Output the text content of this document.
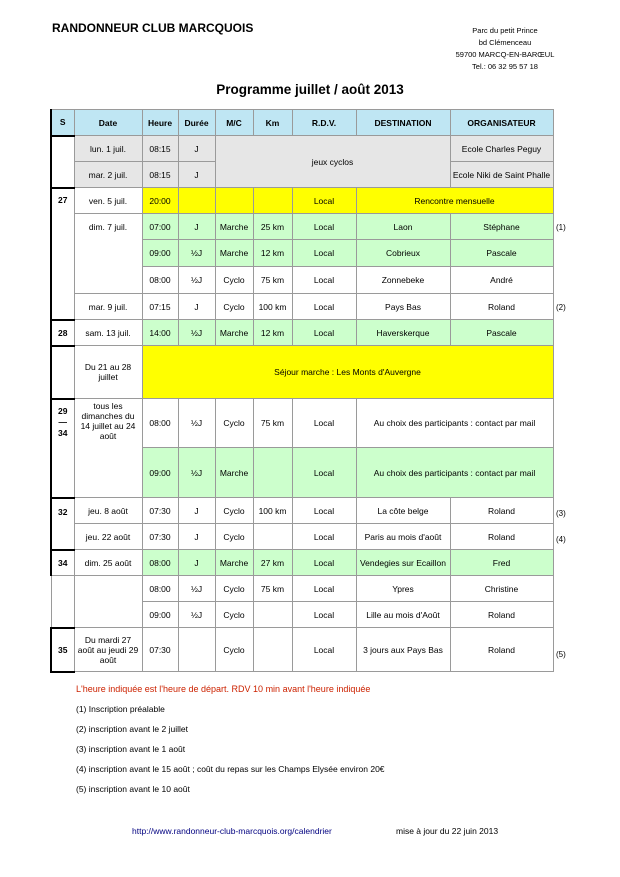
RANDONNEUR CLUB MARCQUOIS	Parc du petit Prince
bd Clémenceau
59700 MARCQ-EN-BARŒUL
Tel.: 06 32 95 57 18
Programme juillet / août 2013
S	Date	Heure	Durée	M/C	Km	R.D.V.	DESTINATION	ORGANISATEUR
	lun. 1 juil.	08:15	J	jeux cyclos				Ecole Charles Peguy
	mar. 2 juil.	08:15	J					Ecole Niki de Saint Phalle
27	ven. 5 juil.	20:00				Local	Rencontre mensuelle	
	dim. 7 juil.	07:00	J	Marche	25 km	Local	Laon	Stéphane
		09:00	½J	Marche	12 km	Local	Cobrieux	Pascale
		08:00	½J	Cyclo	75 km	Local	Zonnebeke	André
	mar. 9 juil.	07:15	J	Cyclo	100 km	Local	Pays Bas	Roland
28	sam. 13 juil.	14:00	½J	Marche	12 km	Local	Haverskerque	Pascale
	Du 21 au 28 juillet	Séjour marche : Les Monts d'Auvergne						

29
—
34	tous les dimanches du 14 juillet au 24 août	08:00	½J	Cyclo	75 km	Local	Au choix des participants : contact par mail	
		09:00	½J	Marche		Local	Au choix des participants : contact par mail	
32	jeu. 8 août	07:30	J	Cyclo	100 km	Local	La côte belge	Roland
	jeu. 22 août	07:30	J	Cyclo		Local	Paris au mois d'août	Roland
34	dim. 25 août	08:00	J	Marche	27 km	Local	Vendegies sur Ecaillon	Fred
		08:00	½J	Cyclo	75 km	Local	Ypres	Christine
		09:00	½J	Cyclo		Local	Lille au mois d'Août	Roland
35	Du mardi 27 août au jeudi 29 août	07:30		Cyclo		Local	3 jours aux Pays Bas	Roland
(1)
(2)
(3)
(4)
(5)
L'heure indiquée est l'heure de départ. RDV 10 min avant l'heure indiquée
(1) Inscription préalable
(2) inscription avant le 2 juillet
(3) inscription avant le 1 août
(4) inscription avant le 15 août ; coût du repas sur les Champs Elysée environ 20€
(5) inscription avant le 10 août
http://www.randonneur-club-marcquois.org/calendrier	mise à jour du 22 juin 2013
